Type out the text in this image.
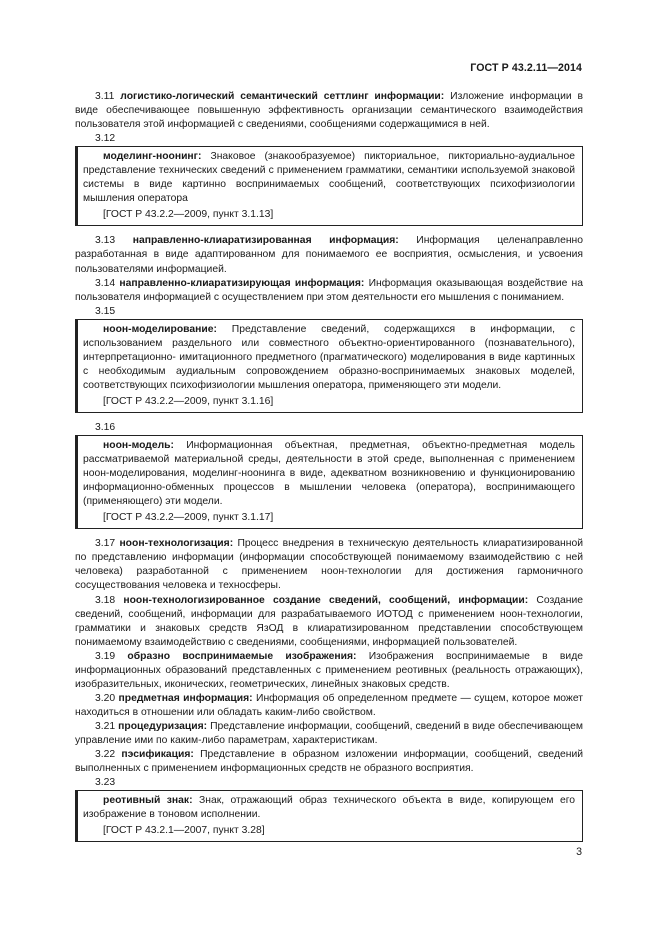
ГОСТ Р 43.2.11—2014

3.11 логистико-логический семантический сеттлинг информации: Изложение информации в виде обеспечивающее повышенную эффективность организации семантического взаимодействия пользователя этой информацией с сведениями, сообщениями содержащимися в ней.

3.12

моделинг-ноонинг: Знаковое (знакообразуемое) пикториальное, пикториально-аудиальное представление технических сведений с применением грамматики, семантики используемой знаковой системы в виде картинно воспринимаемых сообщений, соответствующих психофизиологии мышления оператора

[ГОСТ Р 43.2.2—2009, пункт 3.1.13]

3.13 направленно-клиаратизированная информация: Информация целенаправленно разработанная в виде адаптированном для понимаемого ее восприятия, осмысления, и усвоения пользователями информацией.

3.14 направленно-клиаратизирующая информация: Информация оказывающая воздействие на пользователя информацией с осуществлением при этом деятельности его мышления с пониманием.

3.15

ноон-моделирование: Представление сведений, содержащихся в информации, с использованием раздельного или совместного объектно-ориентированного (познавательного), интерпретационно- имитационного предметного (прагматического) моделирования в виде картинных с необходимым аудиальным сопровождением образно-воспринимаемых знаковых моделей, соответствующих психофизиологии мышления оператора, применяющего эти модели.

[ГОСТ Р 43.2.2—2009, пункт 3.1.16]

3.16

ноон-модель: Информационная объектная, предметная, объектно-предметная модель рассматриваемой материальной среды, деятельности в этой среде, выполненная с применением ноон-моделирования, моделинг-ноонинга в виде, адекватном возникновению и функционированию информационно-обменных процессов в мышлении человека (оператора), воспринимающего (применяющего) эти модели.

[ГОСТ Р 43.2.2—2009, пункт 3.1.17]

3.17 ноон-технологизация: Процесс внедрения в техническую деятельность клиаратизированной по представлению информации (информации способствующей понимаемому взаимодействию с ней человека) разработанной с применением ноон-технологии для достижения гармоничного сосуществования человека и техносферы.

3.18 ноон-технологизированное создание сведений, сообщений, информации: Создание сведений, сообщений, информации для разрабатываемого ИОТОД с применением ноон-технологии, грамматики и знаковых средств ЯзОД в клиаратизированном представлении способствующем понимаемому взаимодействию с сведениями, сообщениями, информацией пользователей.

3.19 образно воспринимаемые изображения: Изображения воспринимаемые в виде информационных образований представленных с применением реотивных (реальность отражающих), изобразительных, иконических, геометрических, линейных знаковых средств.

3.20 предметная информация: Информация об определенном предмете — сущем, которое может находиться в отношении или обладать каким-либо свойством.

3.21 процедуризация: Представление информации, сообщений, сведений в виде обеспечивающем управление ими по каким-либо параметрам, характеристикам.

3.22 пэсификация: Представление в образном изложении информации, сообщений, сведений выполненных с применением информационных средств не образного восприятия.

3.23

реотивный знак: Знак, отражающий образ технического объекта в виде, копирующем его изображение в тоновом исполнении.

[ГОСТ Р 43.2.1—2007, пункт 3.28]

3
